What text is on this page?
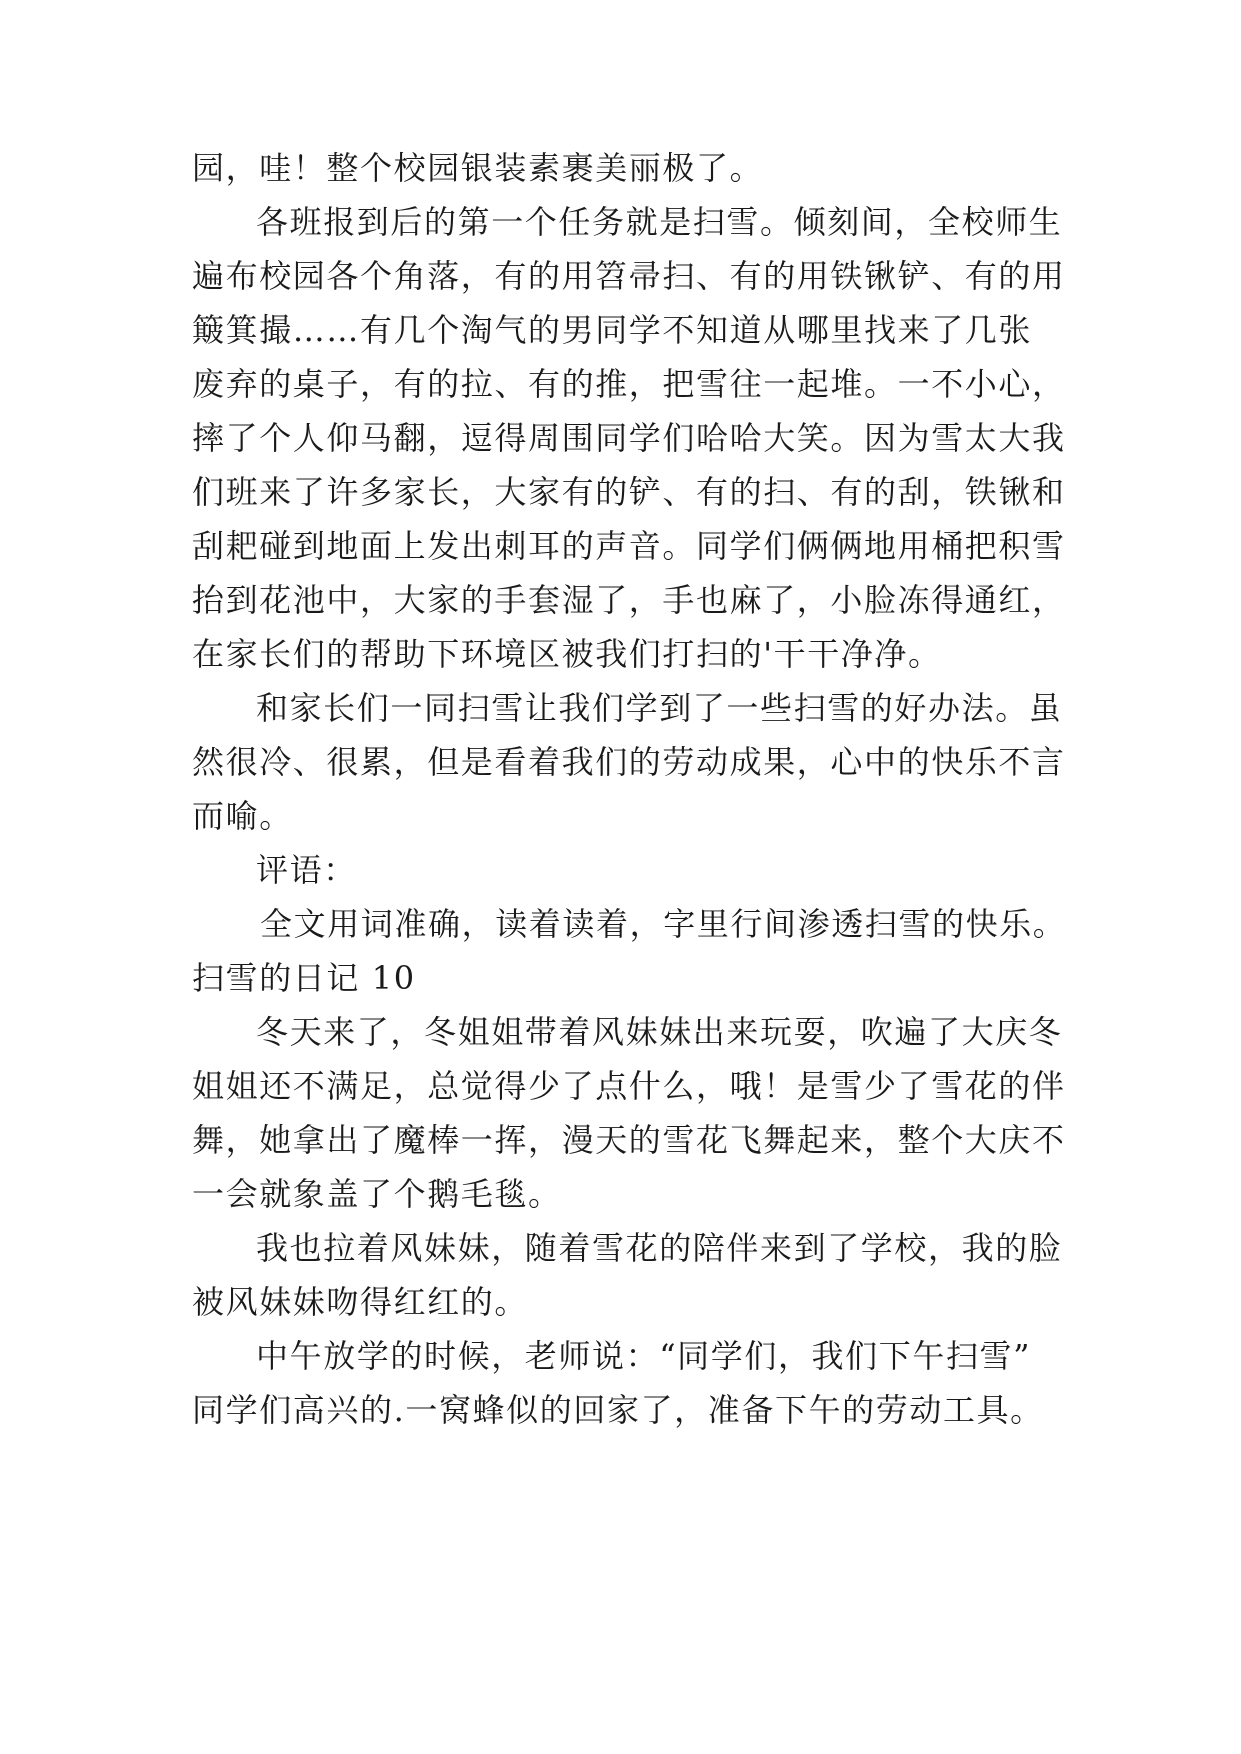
园，哇！整个校园银装素裹美丽极了。
各班报到后的第一个任务就是扫雪。倾刻间，全校师生
遍布校园各个角落，有的用笤帚扫、有的用铁锹铲、有的用
簸箕撮……有几个淘气的男同学不知道从哪里找来了几张
废弃的桌子，有的拉、有的推，把雪往一起堆。一不小心，
摔了个人仰马翻，逗得周围同学们哈哈大笑。因为雪太大我
们班来了许多家长，大家有的铲、有的扫、有的刮，铁锹和
刮耙碰到地面上发出刺耳的声音。同学们俩俩地用桶把积雪
抬到花池中，大家的手套湿了，手也麻了，小脸冻得通红，
在家长们的帮助下环境区被我们打扫的'干干净净。
和家长们一同扫雪让我们学到了一些扫雪的好办法。虽
然很冷、很累，但是看着我们的劳动成果，心中的快乐不言
而喻。
评语：
全文用词准确，读着读着，字里行间渗透扫雪的快乐。
扫雪的日记 10
冬天来了，冬姐姐带着风妹妹出来玩耍，吹遍了大庆冬
姐姐还不满足，总觉得少了点什么，哦！是雪少了雪花的伴
舞，她拿出了魔棒一挥，漫天的雪花飞舞起来，整个大庆不
一会就象盖了个鹅毛毯。
我也拉着风妹妹，随着雪花的陪伴来到了学校，我的脸
被风妹妹吻得红红的。
中午放学的时候，老师说：“同学们，我们下午扫雪”
同学们高兴的.一窝蜂似的回家了，准备下午的劳动工具。
